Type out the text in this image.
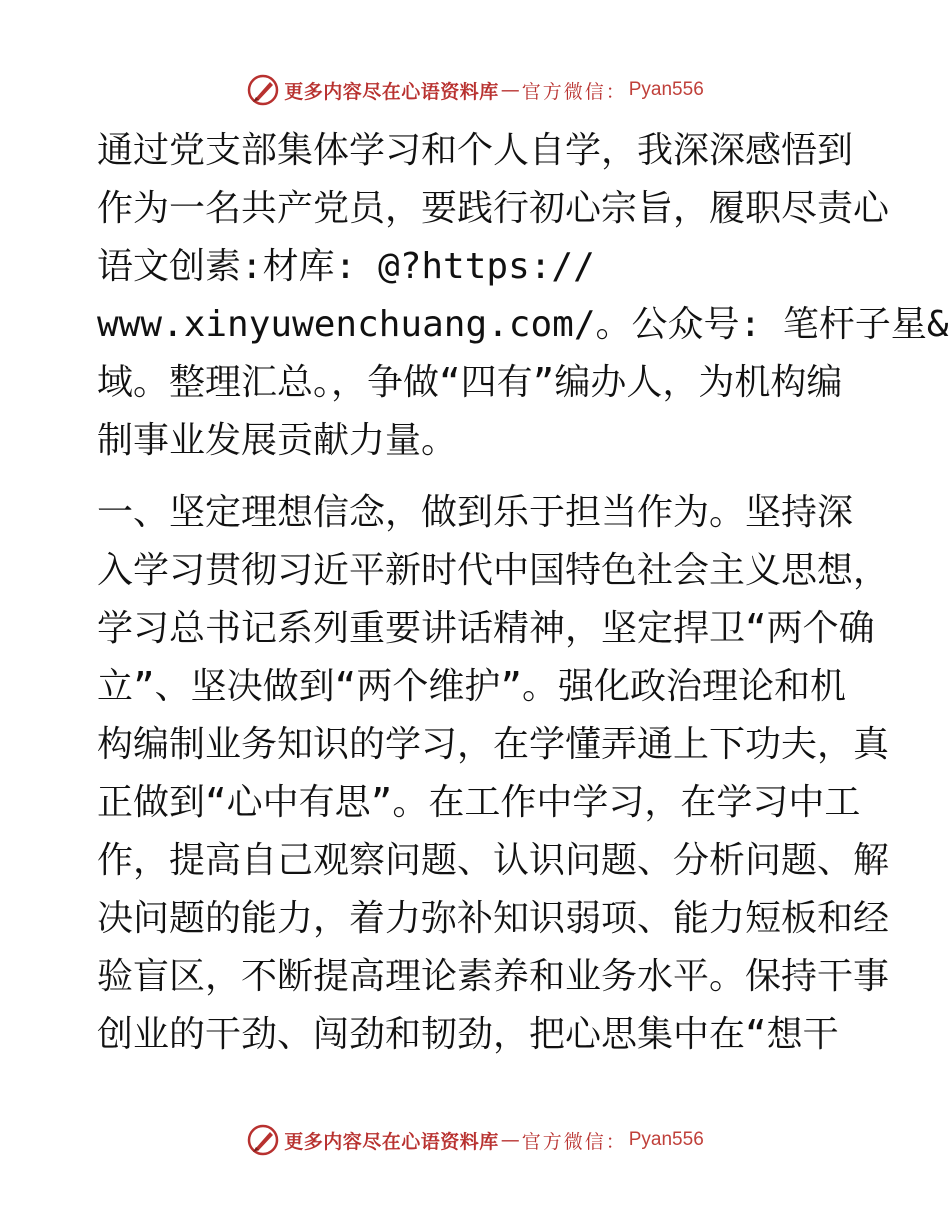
更多内容尽在心语资料库 — 官方微信： Pyan556
通过党支部集体学习和个人自学，我深深感悟到
作为一名共产党员，要践行初心宗旨，履职尽责心
语文创素:材库: @?https://
www.xinyuwenchuang.com/。公众号: 笔杆子星&
域。整理汇总。，争做“四有”编办人，为机构编
制事业发展贡献力量。
一、坚定理想信念，做到乐于担当作为。坚持深
入学习贯彻习近平新时代中国特色社会主义思想，
学习总书记系列重要讲话精神，坚定捍卫“两个确
立”、坚决做到“两个维护”。强化政治理论和机
构编制业务知识的学习，在学懂弄通上下功夫，真
正做到“心中有思”。在工作中学习，在学习中工
作，提高自己观察问题、认识问题、分析问题、解
决问题的能力，着力弥补知识弱项、能力短板和经
验盲区，不断提高理论素养和业务水平。保持干事
创业的干劲、闯劲和韧劲，把心思集中在“想干
更多内容尽在心语资料库 — 官方微信： Pyan556
